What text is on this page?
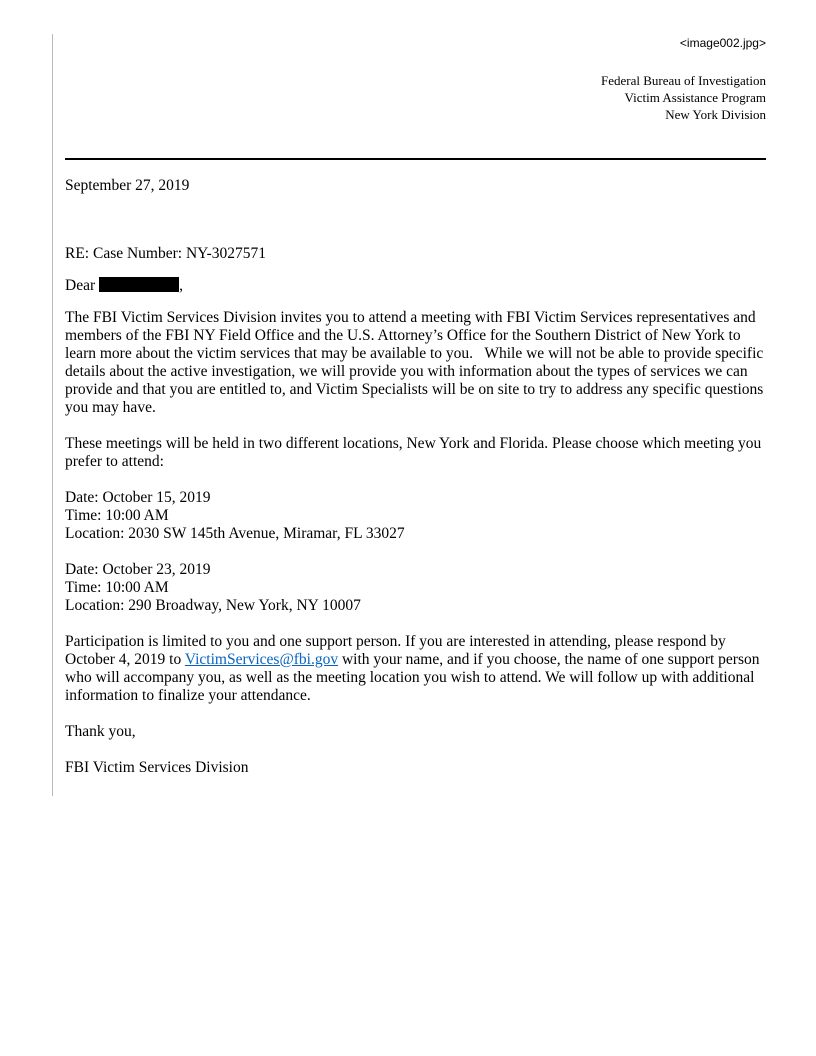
<image002.jpg>
Federal Bureau of Investigation
Victim Assistance Program
New York Division
September 27, 2019
RE: Case Number: NY-3027571
Dear	,

The FBI Victim Services Division invites you to attend a meeting with FBI Victim Services representatives and members of the FBI NY Field Office and the U.S. Attorney’s Office for the Southern District of New York to learn more about the victim services that may be available to you.   While we will not be able to provide specific details about the active investigation, we will provide you with information about the types of services we can provide and that you are entitled to, and Victim Specialists will be on site to try to address any specific questions you may have.

These meetings will be held in two different locations, New York and Florida. Please choose which meeting you prefer to attend:

Date: October 15, 2019
Time: 10:00 AM
Location: 2030 SW 145th Avenue, Miramar, FL 33027
Date: October 23, 2019
Time: 10:00 AM
Location: 290 Broadway, New York, NY 10007

Participation is limited to you and one support person. If you are interested in attending, please respond by October 4, 2019 to VictimServices@fbi.gov with your name, and if you choose, the name of one support person who will accompany you, as well as the meeting location you wish to attend. We will follow up with additional information to finalize your attendance.

Thank you,
FBI Victim Services Division
